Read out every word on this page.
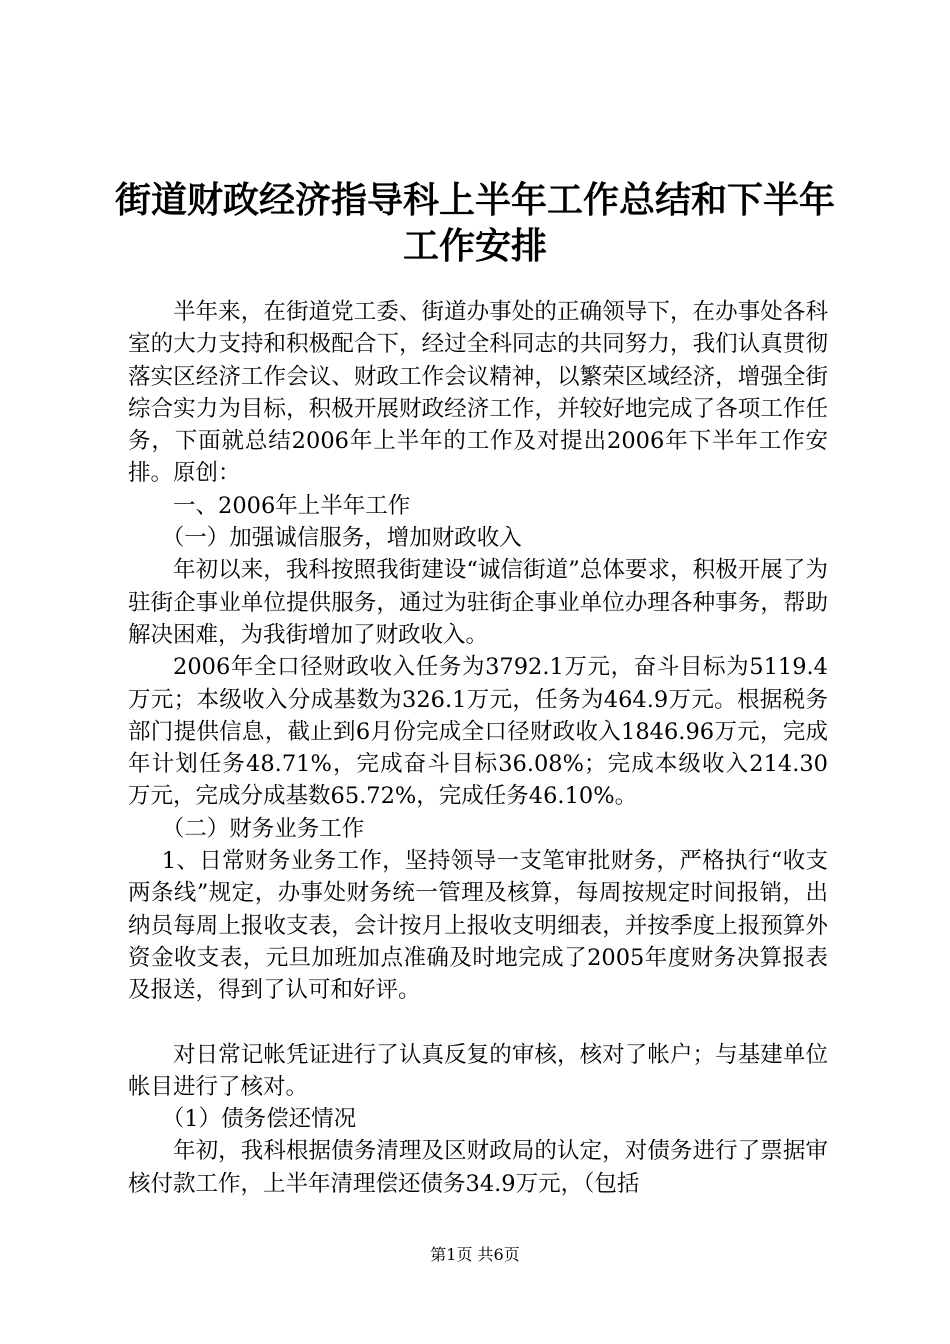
街道财政经济指导科上半年工作总结和下半年
工作安排

半年来，在街道党工委、街道办事处的正确领导下，在办事处各科室的大力支持和积极配合下，经过全科同志的共同努力，我们认真贯彻落实区经济工作会议、财政工作会议精神，以繁荣区域经济，增强全街综合实力为目标，积极开展财政经济工作，并较好地完成了各项工作任务，下面就总结2006年上半年的工作及对提出2006年下半年工作安排。原创：

一、2006年上半年工作

（一）加强诚信服务，增加财政收入

年初以来，我科按照我街建设“诚信街道”总体要求，积极开展了为驻街企事业单位提供服务，通过为驻街企事业单位办理各种事务，帮助解决困难，为我街增加了财政收入。

2006年全口径财政收入任务为3792.1万元，奋斗目标为5119.4万元；本级收入分成基数为326.1万元，任务为464.9万元。根据税务部门提供信息，截止到6月份完成全口径财政收入1846.96万元，完成年计划任务48.71%，完成奋斗目标36.08%；完成本级收入214.30万元，完成分成基数65.72%，完成任务46.10%。

（二）财务业务工作

1、日常财务业务工作，坚持领导一支笔审批财务，严格执行“收支两条线”规定，办事处财务统一管理及核算，每周按规定时间报销，出纳员每周上报收支表，会计按月上报收支明细表，并按季度上报预算外资金收支表，元旦加班加点准确及时地完成了2005年度财务决算报表及报送，得到了认可和好评。

对日常记帐凭证进行了认真反复的审核，核对了帐户；与基建单位帐目进行了核对。

（1）债务偿还情况

年初，我科根据债务清理及区财政局的认定，对债务进行了票据审核付款工作，上半年清理偿还债务34.9万元，（包括

第1页 共6页
